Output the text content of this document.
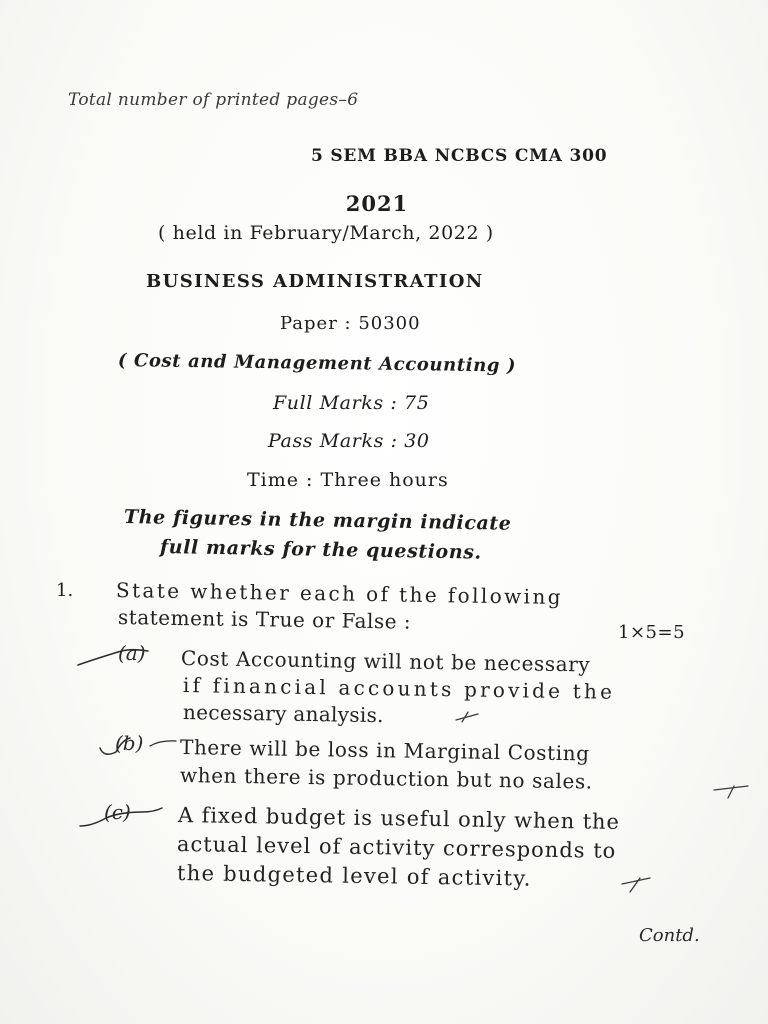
Total number of printed pages–6
5 SEM BBA NCBCS CMA 300
2021
( held in February/March, 2022 )
BUSINESS ADMINISTRATION
Paper : 50300
( Cost and Management Accounting )
Full Marks : 75
Pass Marks : 30
Time : Three hours
The figures in the margin indicate
full marks for the questions.
1. State whether each of the following
statement is True or False :	1×5=5
(a) Cost Accounting will not be necessary
if financial accounts provide the
necessary analysis.
(b) There will be loss in Marginal Costing
when there is production but no sales.
(c) A fixed budget is useful only when the
actual level of activity corresponds to
the budgeted level of activity.
Contd.
